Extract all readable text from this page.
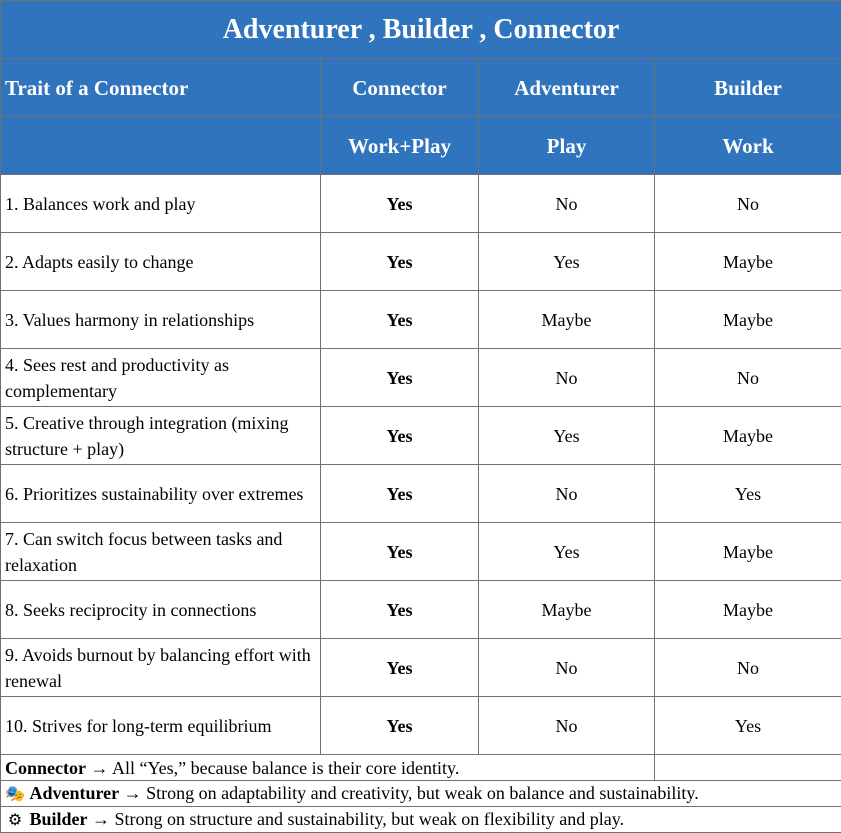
Adventurer , Builder , Connector			
Trait of a Connector	Connector	Adventurer	Builder
	Work+Play	Play	Work
1. Balances work and play	Yes	No	No
2. Adapts easily to change	Yes	Yes	Maybe
3. Values harmony in relationships	Yes	Maybe	Maybe
4. Sees rest and productivity as complementary	Yes	No	No
5. Creative through integration (mixing structure + play)	Yes	Yes	Maybe
6. Prioritizes sustainability over extremes	Yes	No	Yes
7. Can switch focus between tasks and relaxation	Yes	Yes	Maybe
8. Seeks reciprocity in connections	Yes	Maybe	Maybe
9. Avoids burnout by balancing effort with renewal	Yes	No	No
10. Strives for long-term equilibrium	Yes	No	Yes
Connector → All “Yes,” because balance is their core identity.			
🎭 Adventurer → Strong on adaptability and creativity, but weak on balance and sustainability.			
⚙ Builder → Strong on structure and sustainability, but weak on flexibility and play.			
